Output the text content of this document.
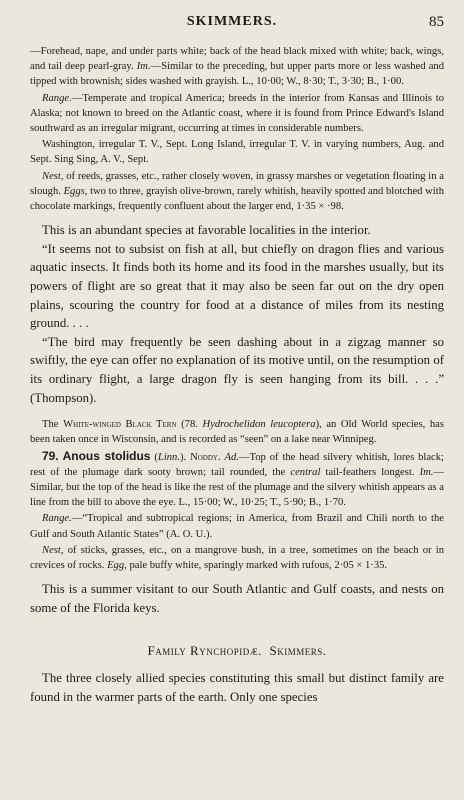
SKIMMERS.	85

—Forehead, nape, and under parts white; back of the head black mixed with white; back, wings, and tail deep pearl-gray. Im.—Similar to the preceding, but upper parts more or less washed and tipped with brownish; sides washed with grayish. L., 10·00; W., 8·30; T., 3·30; B., 1·00.

Range.—Temperate and tropical America; breeds in the interior from Kansas and Illinois to Alaska; not known to breed on the Atlantic coast, where it is found from Prince Edward's Island southward as an irregular migrant, occurring at times in considerable numbers.

Washington, irregular T. V., Sept. Long Island, irregular T. V. in varying numbers, Aug. and Sept. Sing Sing, A. V., Sept.

Nest, of reeds, grasses, etc., rather closely woven, in grassy marshes or vegetation floating in a slough. Eggs, two to three, grayish olive-brown, rarely whitish, heavily spotted and blotched with chocolate markings, frequently confluent about the larger end, 1·35 × ·98.

This is an abundant species at favorable localities in the interior.

“It seems not to subsist on fish at all, but chiefly on dragon flies and various aquatic insects. It finds both its home and its food in the marshes usually, but its powers of flight are so great that it may also be seen far out on the dry open plains, scouring the country for food at a distance of miles from its nesting ground. . . .

“The bird may frequently be seen dashing about in a zigzag manner so swiftly, the eye can offer no explanation of its motive until, on the resumption of its ordinary flight, a large dragon fly is seen hanging from its bill. . . .” (Thompson).

The White-winged Black Tern (78. Hydrochelidon leucoptera), an Old World species, has been taken once in Wisconsin, and is recorded as “seen” on a lake near Winnipeg.

79. Anous stolidus (Linn.). Noddy. Ad.—Top of the head silvery whitish, lores black; rest of the plumage dark sooty brown; tail rounded, the central tail-feathers longest. Im.—Similar, but the top of the head is like the rest of the plumage and the silvery whitish appears as a line from the bill to above the eye. L., 15·00; W., 10·25; T., 5·90; B., 1·70.

Range.—“Tropical and subtropical regions; in America, from Brazil and Chili north to the Gulf and South Atlantic States” (A. O. U.).

Nest, of sticks, grasses, etc., on a mangrove bush, in a tree, sometimes on the beach or in crevices of rocks. Egg, pale buffy white, sparingly marked with rufous, 2·05 × 1·35.

This is a summer visitant to our South Atlantic and Gulf coasts, and nests on some of the Florida keys.

Family Rynchopidæ. Skimmers.

The three closely allied species constituting this small but distinct family are found in the warmer parts of the earth. Only one species
